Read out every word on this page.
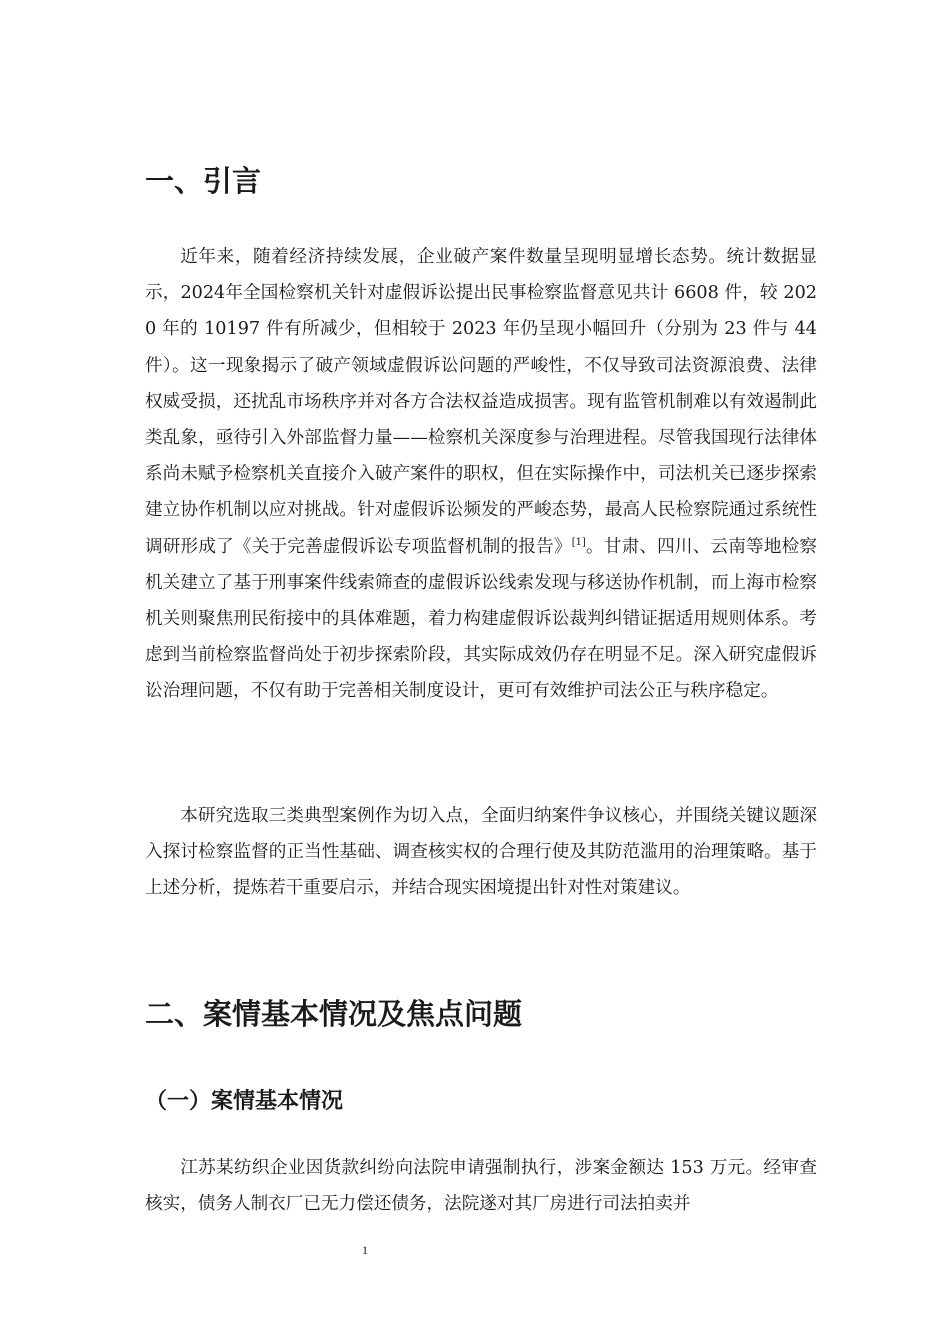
一、引言

近年来，随着经济持续发展，企业破产案件数量呈现明显增长态势。统计数据显示，2024年全国检察机关针对虚假诉讼提出民事检察监督意见共计 6608 件，较 2020 年的 10197 件有所减少，但相较于 2023 年仍呈现小幅回升（分别为 23 件与 44 件）。这一现象揭示了破产领域虚假诉讼问题的严峻性，不仅导致司法资源浪费、法律权威受损，还扰乱市场秩序并对各方合法权益造成损害。现有监管机制难以有效遏制此类乱象，亟待引入外部监督力量——检察机关深度参与治理进程。尽管我国现行法律体系尚未赋予检察机关直接介入破产案件的职权，但在实际操作中，司法机关已逐步探索建立协作机制以应对挑战。针对虚假诉讼频发的严峻态势，最高人民检察院通过系统性调研形成了《关于完善虚假诉讼专项监督机制的报告》[1]。甘肃、四川、云南等地检察机关建立了基于刑事案件线索筛查的虚假诉讼线索发现与移送协作机制，而上海市检察机关则聚焦刑民衔接中的具体难题，着力构建虚假诉讼裁判纠错证据适用规则体系。考虑到当前检察监督尚处于初步探索阶段，其实际成效仍存在明显不足。深入研究虚假诉讼治理问题，不仅有助于完善相关制度设计，更可有效维护司法公正与秩序稳定。

本研究选取三类典型案例作为切入点，全面归纳案件争议核心，并围绕关键议题深入探讨检察监督的正当性基础、调查核实权的合理行使及其防范滥用的治理策略。基于上述分析，提炼若干重要启示，并结合现实困境提出针对性对策建议。

二、案情基本情况及焦点问题
（一）案情基本情况

江苏某纺织企业因货款纠纷向法院申请强制执行，涉案金额达 153 万元。经审查核实，债务人制衣厂已无力偿还债务，法院遂对其厂房进行司法拍卖并

1
